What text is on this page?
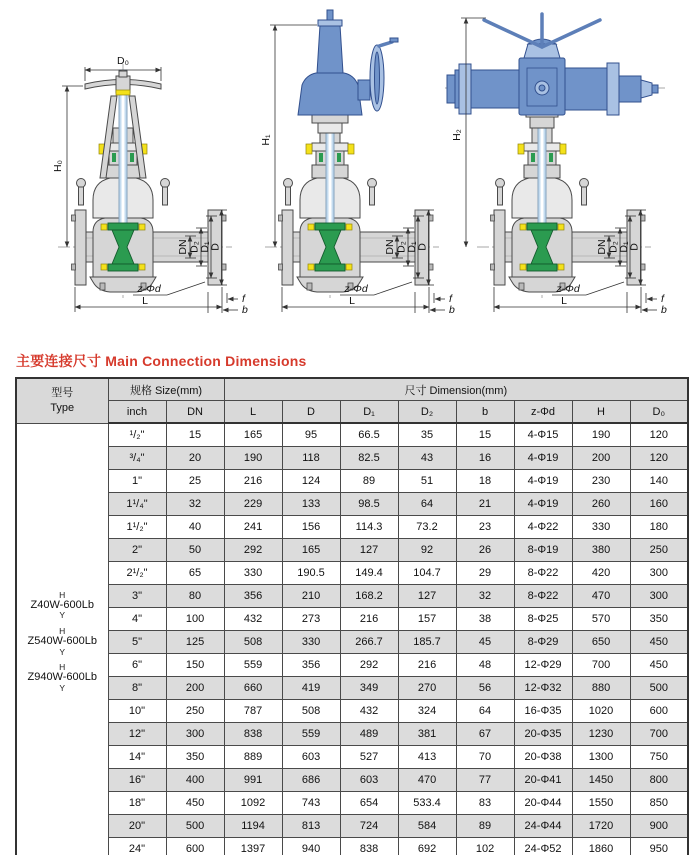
D₀
H₀
H₁	H₂
主要连接尺寸 Main Connection Dimensions
型号
Type	规格 Size(mm)		尺寸 Dimension(mm)							
	inch	DN	L	D	D₁	D₂	b	z-Φd	H	D₀

H
Z40W-600Lb
Y
H
Z540W-600Lb
Y
H
Z940W-600Lb
Y
	¹/₂"	15	165	95	66.5	35	15	4-Φ15	190	120
	³/₄"	20	190	118	82.5	43	16	4-Φ19	200	120
	1"	25	216	124	89	51	18	4-Φ19	230	140
	1¹/₄"	32	229	133	98.5	64	21	4-Φ19	260	160
	1¹/₂"	40	241	156	114.3	73.2	23	4-Φ22	330	180
	2"	50	292	165	127	92	26	8-Φ19	380	250
	2¹/₂"	65	330	190.5	149.4	104.7	29	8-Φ22	420	300
	3"	80	356	210	168.2	127	32	8-Φ22	470	300
	4"	100	432	273	216	157	38	8-Φ25	570	350
	5"	125	508	330	266.7	185.7	45	8-Φ29	650	450
	6"	150	559	356	292	216	48	12-Φ29	700	450
	8"	200	660	419	349	270	56	12-Φ32	880	500
	10"	250	787	508	432	324	64	16-Φ35	1020	600
	12"	300	838	559	489	381	67	20-Φ35	1230	700
	14"	350	889	603	527	413	70	20-Φ38	1300	750
	16"	400	991	686	603	470	77	20-Φ41	1450	800
	18"	450	1092	743	654	533.4	83	20-Φ44	1550	850
	20"	500	1194	813	724	584	89	24-Φ44	1720	900
	24"	600	1397	940	838	692	102	24-Φ52	1860	950
